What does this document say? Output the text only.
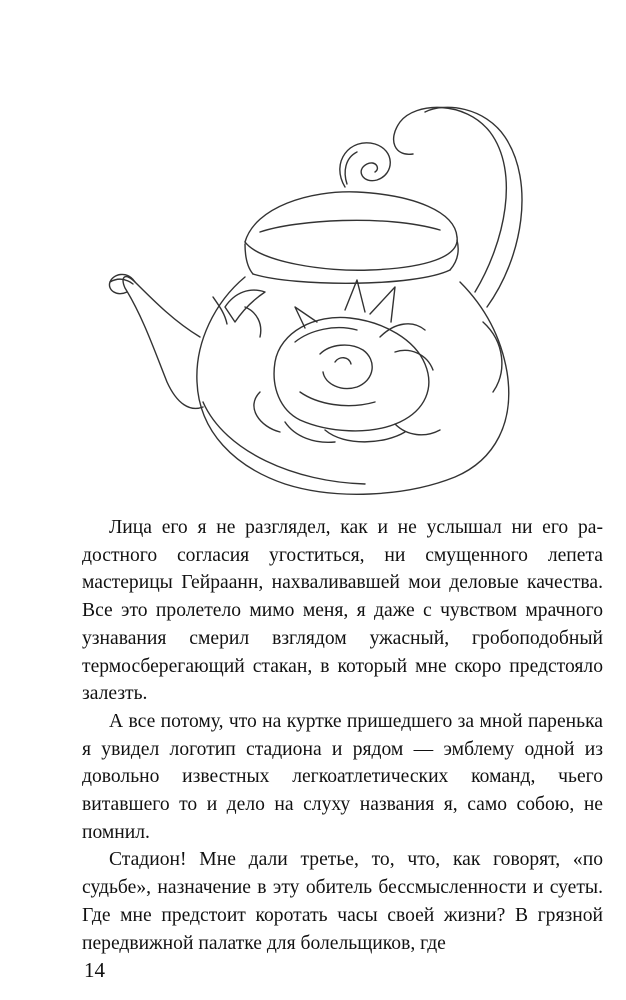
Лица его я не разглядел, как и не услышал ни его радостного согласия угоститься, ни смущенного лепета мастерицы Гейраанн, нахваливавшей мои деловые качества. Все это пролетело мимо меня, я даже с чувством мрачного узнавания смерил взглядом ужасный, гробоподобный термосберегающий стакан, в который мне скоро предстояло залезть.

А все потому, что на куртке пришедшего за мной паренька я увидел логотип стадиона и рядом — эмблему одной из довольно известных легкоатлетических команд, чьего витавшего то и дело на слуху названия я, само собою, не помнил.

Стадион! Мне дали третье, то, что, как говорят, «по судьбе», назначение в эту обитель бессмысленности и суеты. Где мне предстоит коротать часы своей жизни? В грязной передвижной палатке для болельщиков, где

14
